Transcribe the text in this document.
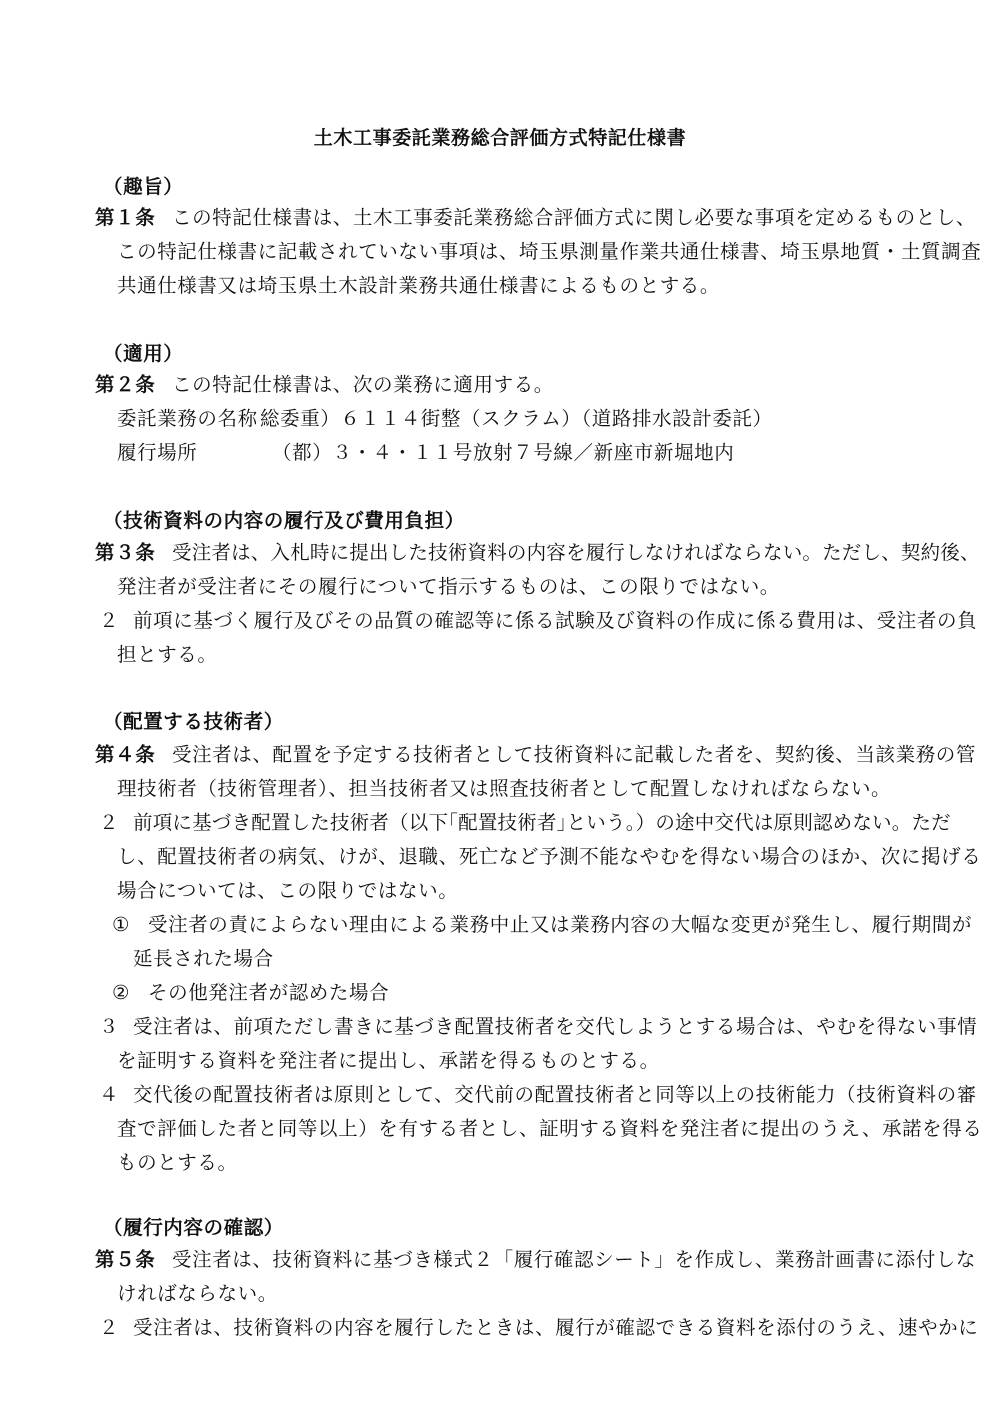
土木工事委託業務総合評価方式特記仕様書
（趣旨）
第１条 この特記仕様書は、土木工事委託業務総合評価方式に関し必要な事項を定めるものとし、
この特記仕様書に記載されていない事項は、埼玉県測量作業共通仕様書、埼玉県地質・土質調査
共通仕様書又は埼玉県土木設計業務共通仕様書によるものとする。
（適用）
第２条 この特記仕様書は、次の業務に適用する。
委託業務の名称 総委重）６１１４街整（スクラム）（道路排水設計委託）
履行場所	（都）３・４・１１号放射７号線／新座市新堀地内
（技術資料の内容の履行及び費用負担）
第３条 受注者は、入札時に提出した技術資料の内容を履行しなければならない。ただし、契約後、
発注者が受注者にその履行について指示するものは、この限りではない。
２ 前項に基づく履行及びその品質の確認等に係る試験及び資料の作成に係る費用は、受注者の負
担とする。
（配置する技術者）
第４条 受注者は、配置を予定する技術者として技術資料に記載した者を、契約後、当該業務の管
理技術者（技術管理者）、担当技術者又は照査技術者として配置しなければならない。
２ 前項に基づき配置した技術者（以下｢配置技術者｣という。）の途中交代は原則認めない。ただ
し、配置技術者の病気、けが、退職、死亡など予測不能なやむを得ない場合のほか、次に掲げる
場合については、この限りではない。
① 受注者の責によらない理由による業務中止又は業務内容の大幅な変更が発生し、履行期間が
延長された場合
② その他発注者が認めた場合
３ 受注者は、前項ただし書きに基づき配置技術者を交代しようとする場合は、やむを得ない事情
を証明する資料を発注者に提出し、承諾を得るものとする。
４ 交代後の配置技術者は原則として、交代前の配置技術者と同等以上の技術能力（技術資料の審
査で評価した者と同等以上）を有する者とし、証明する資料を発注者に提出のうえ、承諾を得る
ものとする。
（履行内容の確認）
第５条 受注者は、技術資料に基づき様式２「履行確認シート」を作成し、業務計画書に添付しな
ければならない。
２ 受注者は、技術資料の内容を履行したときは、履行が確認できる資料を添付のうえ、速やかに
